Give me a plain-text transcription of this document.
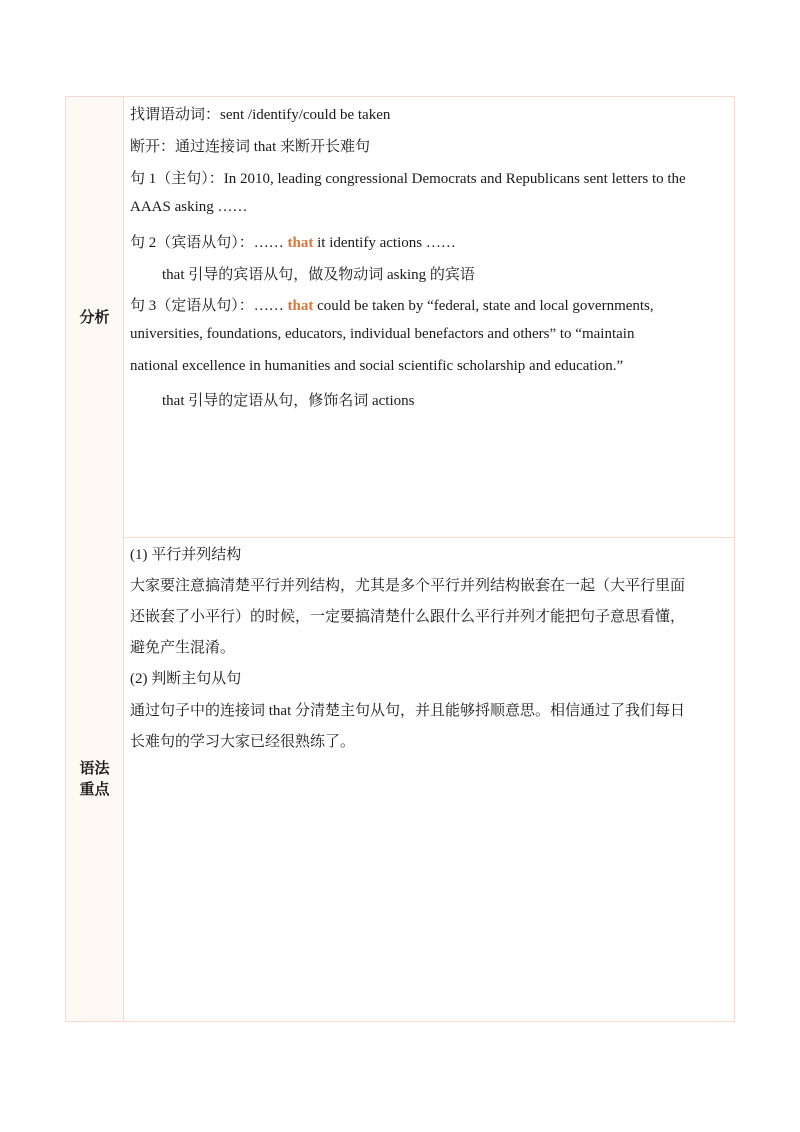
分析
找谓语动词：sent /identify/could be taken
断开：通过连接词 that 来断开长难句
句 1（主句）：In 2010, leading congressional Democrats and Republicans sent letters to the
AAAS asking ……
句 2（宾语从句）：…… that it identify actions ……
that 引导的宾语从句，做及物动词 asking 的宾语
句 3（定语从句）：…… that could be taken by “federal, state and local governments,
universities, foundations, educators, individual benefactors and others” to “maintain
national excellence in humanities and social scientific scholarship and education.”
that 引导的定语从句，修饰名词 actions
语法
重点
(1) 平行并列结构
大家要注意搞清楚平行并列结构，尤其是多个平行并列结构嵌套在一起（大平行里面
还嵌套了小平行）的时候，一定要搞清楚什么跟什么平行并列才能把句子意思看懂，
避免产生混淆。
(2) 判断主句从句
通过句子中的连接词 that 分清楚主句从句，并且能够捋顺意思。相信通过了我们每日
长难句的学习大家已经很熟练了。
